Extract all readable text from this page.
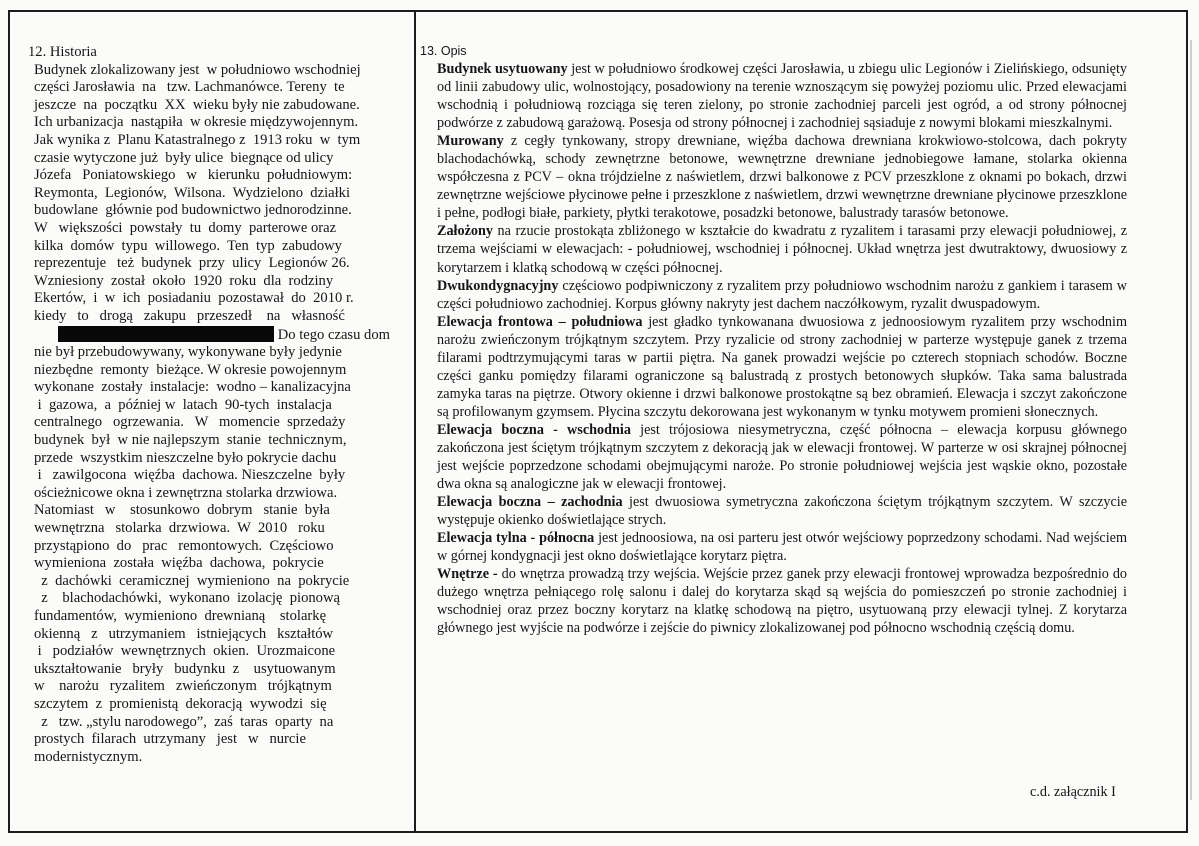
12. Historia
Budynek zlokalizowany jest  w południowo wschodniej
części Jarosławia  na   tzw. Lachmanówce. Tereny  te
jeszcze  na  początku  XX  wieku były nie zabudowane.
Ich urbanizacja  nastąpiła  w okresie międzywojennym.
Jak wynika z  Planu Katastralnego z  1913 roku  w  tym
czasie wytyczone już  były ulice  biegnące od ulicy
Józefa   Poniatowskiego   w   kierunku  południowym:
Reymonta,  Legionów,  Wilsona.  Wydzielono  działki
budowlane  głównie pod budownictwo jednorodzinne.
W   większości  powstały  tu  domy  parterowe oraz
kilka  domów  typu  willowego.  Ten  typ  zabudowy
reprezentuje   też  budynek  przy  ulicy  Legionów 26.
Wzniesiony  został  około  1920  roku  dla  rodziny
Ekertów,  i  w  ich  posiadaniu  pozostawał  do  2010 r.
kiedy   to   drogą   zakupu   przeszedł    na   własność
Do tego czasu dom
nie był przebudowywany, wykonywane były jedynie
niezbędne  remonty  bieżące. W okresie powojennym
wykonane  zostały  instalacje:  wodno – kanalizacyjna
i  gazowa,  a  później w  latach  90-tych  instalacja
centralnego   ogrzewania.   W   momencie  sprzedaży
budynek  był  w nie najlepszym  stanie  technicznym,
przede  wszystkim nieszczelne było pokrycie dachu
i   zawilgocona  więźba  dachowa. Nieszczelne  były
ościeżnicowe okna i zewnętrzna stolarka drzwiowa.
Natomiast   w    stosunkowo  dobrym   stanie  była
wewnętrzna   stolarka  drzwiowa.  W  2010   roku
przystąpiono  do   prac   remontowych.  Częściowo
wymieniona  została  więźba  dachowa,  pokrycie
z  dachówki  ceramicznej  wymieniono  na  pokrycie
z    blachodachówki,  wykonano  izolację  pionową
fundamentów,  wymieniono  drewnianą    stolarkę
okienną   z   utrzymaniem   istniejących   kształtów
i   podziałów  wewnętrznych  okien.  Urozmaicone
ukształtowanie   bryły   budynku  z    usytuowanym
w    narożu   ryzalitem   zwieńczonym   trójkątnym
szczytem  z  promienistą  dekoracją  wywodzi  się
z   tzw. „stylu narodowego”,  zaś  taras  oparty  na
prostych  filarach  utrzymany   jest   w   nurcie
modernistycznym.
13. Opis

Budynek usytuowany jest w południowo środkowej części Jarosławia, u zbiegu ulic Legionów i Zielińskiego, odsunięty od linii zabudowy ulic, wolnostojący, posadowiony na terenie wznoszącym się powyżej poziomu ulic. Przed elewacjami wschodnią i południową rozciąga się teren zielony, po stronie zachodniej parceli jest ogród, a od strony północnej podwórze z zabudową garażową. Posesja od strony północnej i zachodniej sąsiaduje z nowymi blokami mieszkalnymi.

Murowany z cegły tynkowany, stropy drewniane, więźba dachowa drewniana krokwiowo-stolcowa, dach pokryty blachodachówką, schody zewnętrzne betonowe, wewnętrzne drewniane jednobiegowe łamane, stolarka okienna współczesna z PCV – okna trójdzielne z naświetlem, drzwi balkonowe z PCV przeszklone z oknami po bokach, drzwi zewnętrzne wejściowe płycinowe pełne i przeszklone z naświetlem, drzwi wewnętrzne drewniane płycinowe przeszklone i pełne, podłogi białe, parkiety, płytki terakotowe, posadzki betonowe, balustrady tarasów betonowe.

Założony na rzucie prostokąta zbliżonego w kształcie do kwadratu z ryzalitem i tarasami przy elewacji południowej, z trzema wejściami w elewacjach: - południowej, wschodniej i północnej. Układ wnętrza jest dwutraktowy, dwuosiowy z korytarzem i klatką schodową w części północnej.

Dwukondygnacyjny częściowo podpiwniczony z ryzalitem przy południowo wschodnim narożu z gankiem i tarasem w części południowo zachodniej. Korpus główny nakryty jest dachem naczółkowym, ryzalit dwuspadowym.

Elewacja frontowa – południowa jest gładko tynkowanana dwuosiowa z jednoosiowym ryzalitem przy wschodnim narożu zwieńczonym trójkątnym szczytem. Przy ryzalicie od strony zachodniej w parterze występuje ganek z trzema filarami podtrzymującymi taras w partii piętra. Na ganek prowadzi wejście po czterech stopniach schodów. Boczne części ganku pomiędzy filarami ograniczone są balustradą z prostych betonowych słupków. Taka sama balustrada zamyka taras na piętrze. Otwory okienne i drzwi balkonowe prostokątne są bez obramień. Elewacja i szczyt zakończone są profilowanym gzymsem. Płycina szczytu dekorowana jest wykonanym w tynku motywem promieni słonecznych.

Elewacja boczna - wschodnia jest trójosiowa niesymetryczna, część północna – elewacja korpusu głównego zakończona jest ściętym trójkątnym szczytem z dekoracją jak w elewacji frontowej. W parterze w osi skrajnej północnej jest wejście poprzedzone schodami obejmującymi naroże. Po stronie południowej wejścia jest wąskie okno, pozostałe dwa okna są analogiczne jak w elewacji frontowej.

Elewacja boczna – zachodnia jest dwuosiowa symetryczna zakończona ściętym trójkątnym szczytem. W szczycie występuje okienko doświetlające strych.

Elewacja tylna - północna jest jednoosiowa, na osi parteru jest otwór wejściowy poprzedzony schodami. Nad wejściem w górnej kondygnacji jest okno doświetlające korytarz piętra.

Wnętrze - do wnętrza prowadzą trzy wejścia. Wejście przez ganek przy elewacji frontowej wprowadza bezpośrednio do dużego wnętrza pełniącego rolę salonu i dalej do korytarza skąd są wejścia do pomieszczeń po stronie zachodniej i wschodniej oraz przez boczny korytarz na klatkę schodową na piętro, usytuowaną przy elewacji tylnej. Z korytarza głównego jest wyjście na podwórze i zejście do piwnicy zlokalizowanej pod północno wschodnią częścią domu.

c.d. załącznik I
